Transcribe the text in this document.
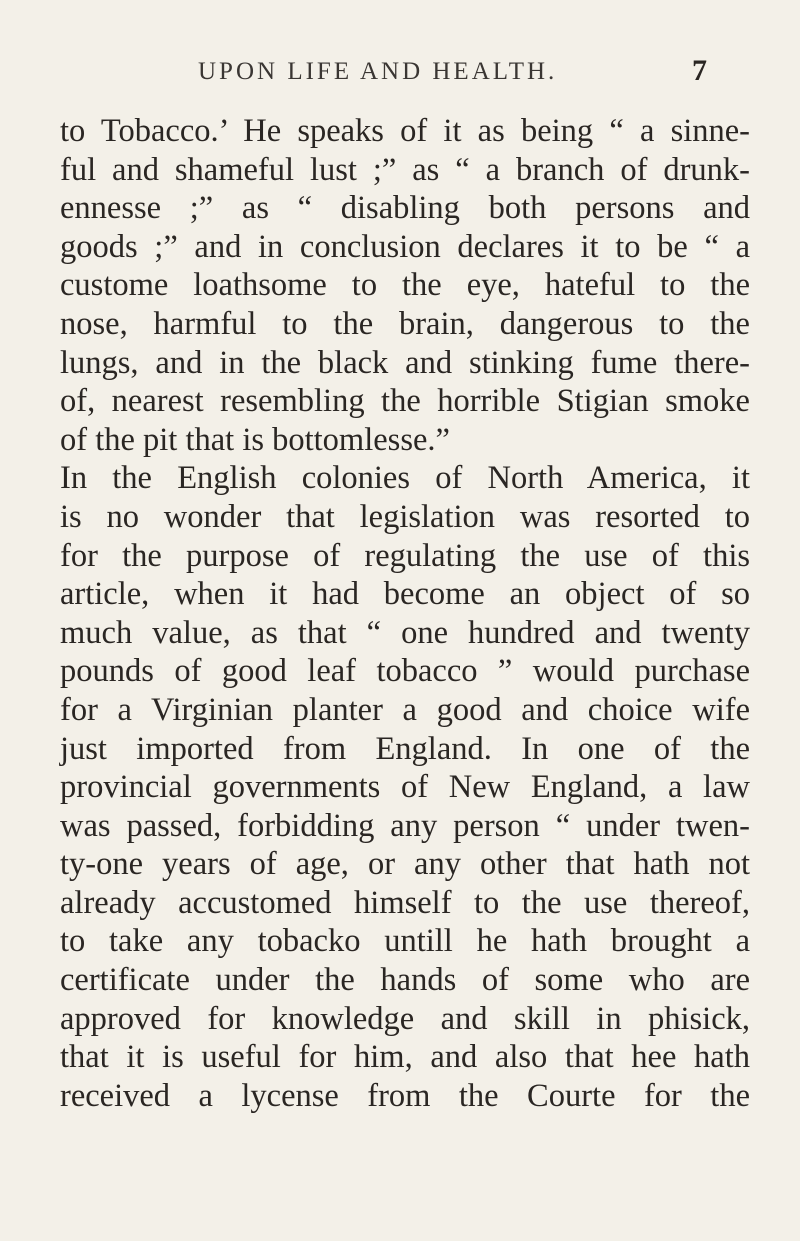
UPON LIFE AND HEALTH.	7
to Tobacco.’ He speaks of it as being “ a sinne-
ful and shameful lust ;” as “ a branch of drunk-
ennesse ;” as “ disabling both persons and
goods ;” and in conclusion declares it to be “ a
custome loathsome to the eye, hateful to the
nose, harmful to the brain, dangerous to the
lungs, and in the black and stinking fume there-
of, nearest resembling the horrible Stigian smoke
of the pit that is bottomlesse.”
In the English colonies of North America, it
is no wonder that legislation was resorted to
for the purpose of regulating the use of this
article, when it had become an object of so
much value, as that “ one hundred and twenty
pounds of good leaf tobacco ” would purchase
for a Virginian planter a good and choice wife
just imported from England. In one of the
provincial governments of New England, a law
was passed, forbidding any person “ under twen-
ty-one years of age, or any other that hath not
already accustomed himself to the use thereof,
to take any tobacko untill he hath brought a
certificate under the hands of some who are
approved for knowledge and skill in phisick,
that it is useful for him, and also that hee hath
received a lycense from the Courte for the
